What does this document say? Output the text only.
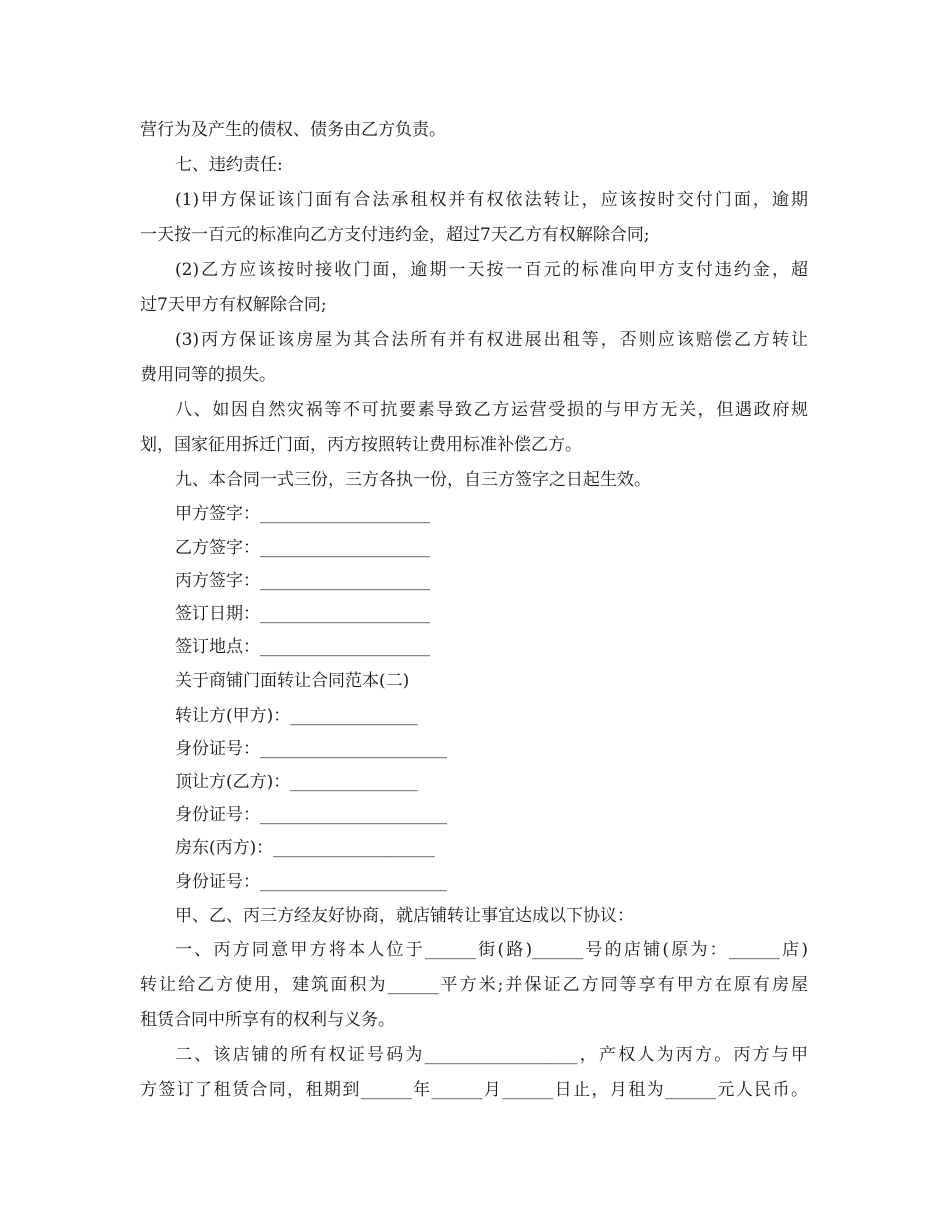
营行为及产生的债权、债务由乙方负责。

七、违约责任:

(1)甲方保证该门面有合法承租权并有权依法转让，应该按时交付门面，逾期

一天按一百元的标准向乙方支付违约金，超过7天乙方有权解除合同;

(2)乙方应该按时接收门面，逾期一天按一百元的标准向甲方支付违约金，超

过7天甲方有权解除合同;

(3)丙方保证该房屋为其合法所有并有权进展出租等，否则应该赔偿乙方转让

费用同等的损失。

八、如因自然灾祸等不可抗要素导致乙方运营受损的与甲方无关，但遇政府规

划，国家征用拆迁门面，丙方按照转让费用标准补偿乙方。

九、本合同一式三份，三方各执一份，自三方签字之日起生效。

甲方签字：____________________

乙方签字：____________________

丙方签字：____________________

签订日期：____________________

签订地点：____________________

关于商铺门面转让合同范本(二)

转让方(甲方)：_______________

身份证号：______________________

顶让方(乙方)：_______________

身份证号：______________________

房东(丙方)：___________________

身份证号：______________________

甲、乙、丙三方经友好协商，就店铺转让事宜达成以下协议：

一、丙方同意甲方将本人位于______街(路)______号的店铺(原为：______店)

转让给乙方使用，建筑面积为______平方米;并保证乙方同等享有甲方在原有房屋

租赁合同中所享有的权利与义务。

二、该店铺的所有权证号码为__________________，产权人为丙方。丙方与甲

方签订了租赁合同，租期到______年______月______日止，月租为______元人民币。
